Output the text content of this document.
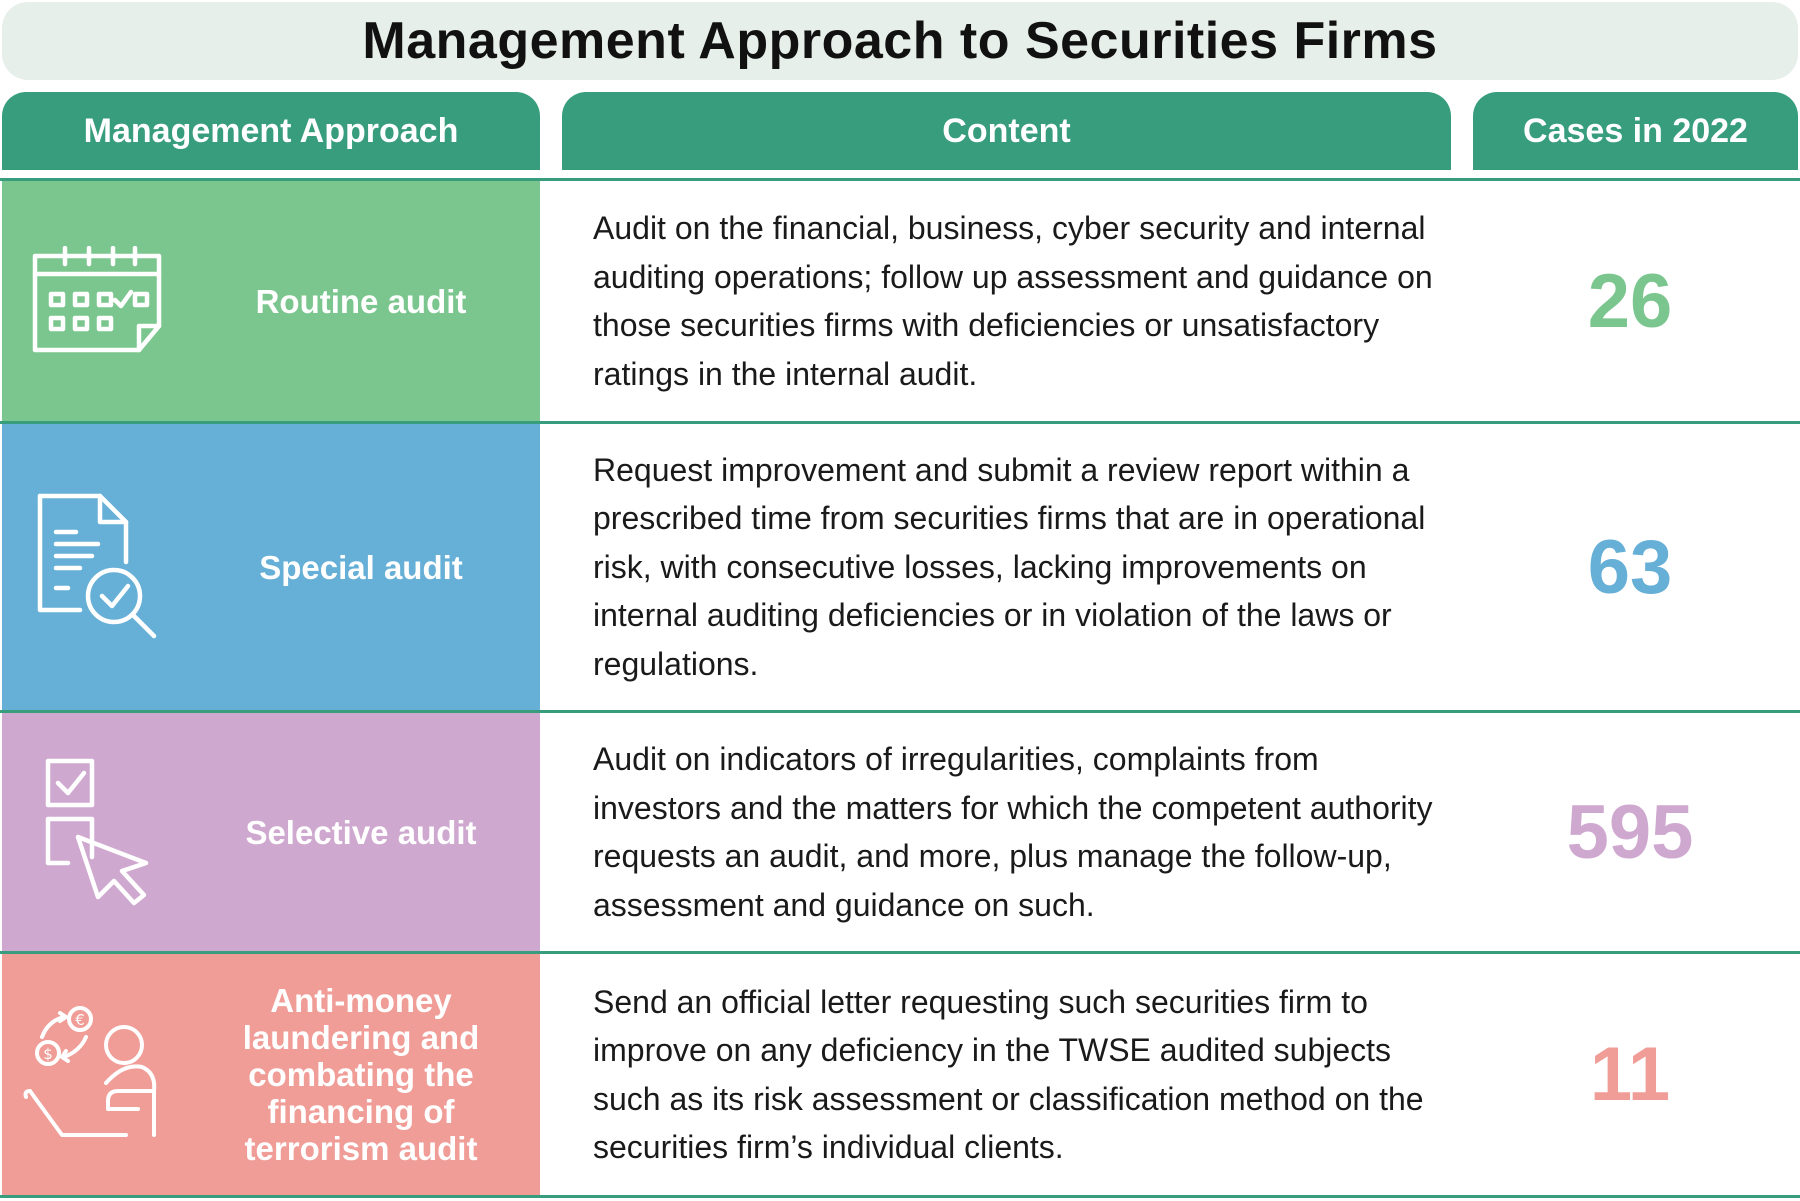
Management Approach to Securities Firms
Management Approach	Content	Cases in 2022
Routine audit
Audit on the financial, business, cyber security and internal auditing operations; follow up assessment and guidance on those securities firms with deficiencies or unsatisfactory ratings in the internal audit.
26
Special audit
Request improvement and submit a review report within a prescribed time from securities firms that are in operational risk, with consecutive losses, lacking improvements on internal auditing deficiencies or in violation of the laws or regulations.
63
Selective audit
Audit on indicators of irregularities, complaints from investors and the matters for which the competent authority requests an audit, and more, plus manage the follow-up, assessment and guidance on such.
595
€
$
Anti-money laundering and combating the financing of terrorism audit
Send an official letter requesting such securities firm to improve on any deficiency in the TWSE audited subjects such as its risk assessment or classification method on the securities firm’s individual clients.
11
